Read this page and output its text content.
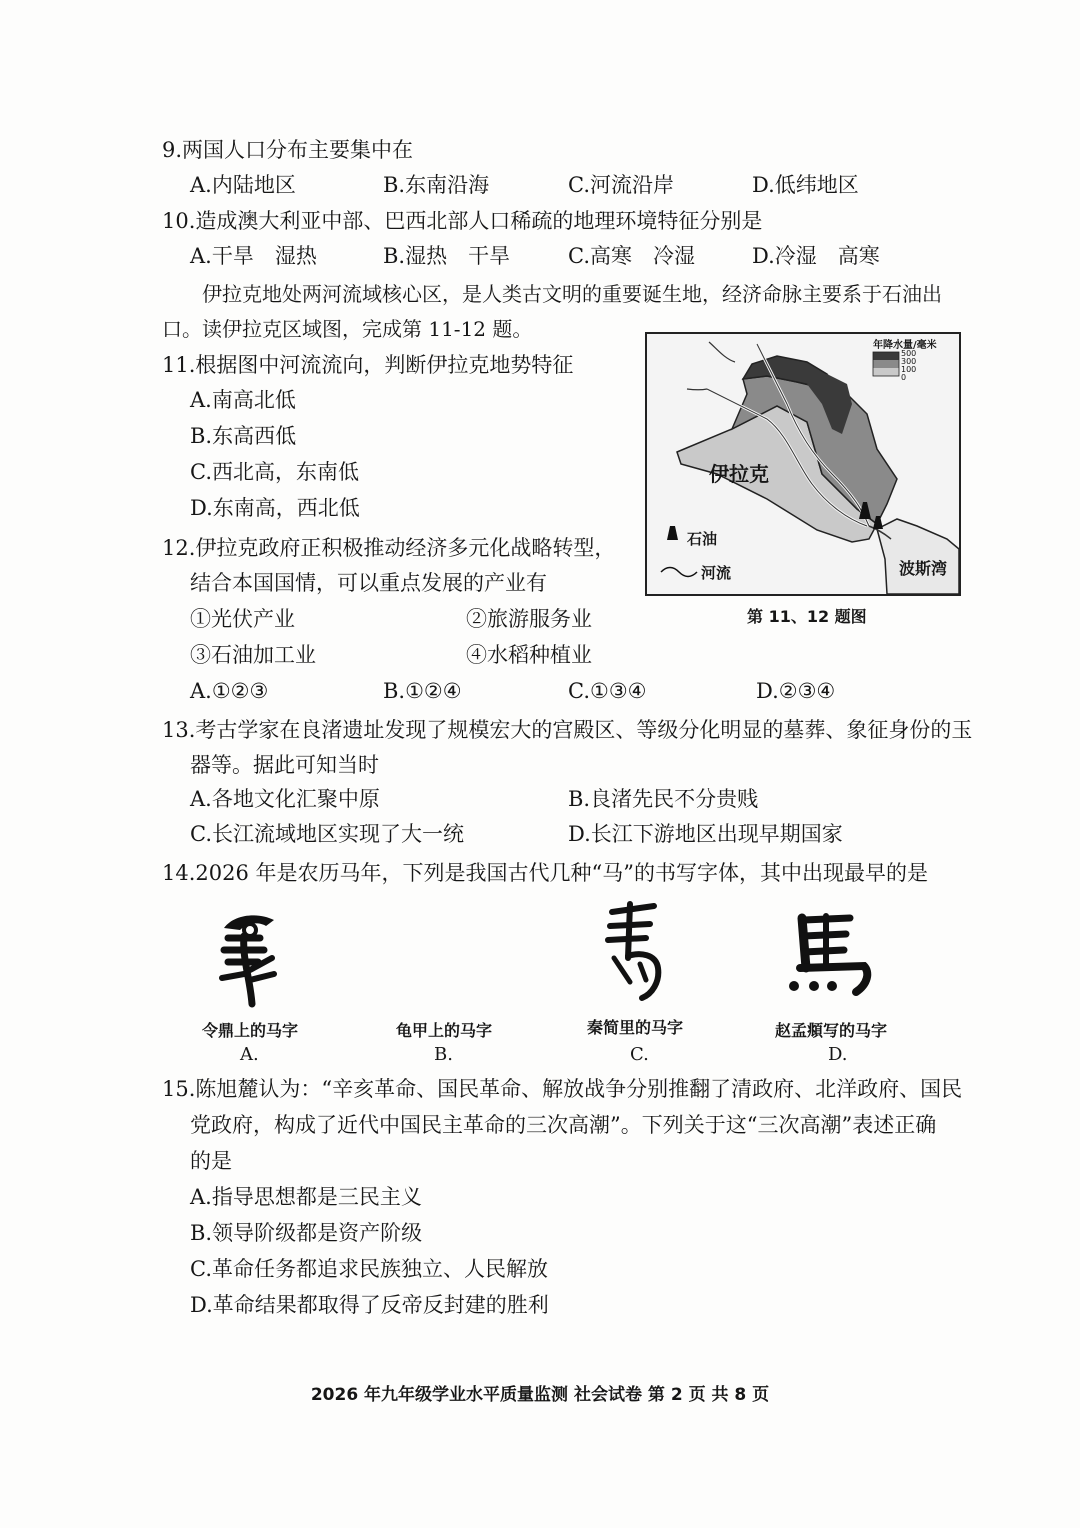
9.两国人口分布主要集中在
A.内陆地区	B.东南沿海	C.河流沿岸	D.低纬地区
10.造成澳大利亚中部、巴西北部人口稀疏的地理环境特征分别是
A.干旱　湿热	B.湿热　干旱	C.高寒　冷湿	D.冷湿　高寒
伊拉克地处两河流域核心区，是人类古文明的重要诞生地，经济命脉主要系于石油出
口。读伊拉克区域图，完成第 11-12 题。
11.根据图中河流流向，判断伊拉克地势特征
A.南高北低
B.东高西低
C.西北高，东南低
D.东南高，西北低
年降水量/毫米
500
300
100
0
伊拉克
波斯湾
石油
河流
第 11、12 题图
12.伊拉克政府正积极推动经济多元化战略转型，
结合本国国情，可以重点发展的产业有
①光伏产业	②旅游服务业
③石油加工业	④水稻种植业
A.①②③	B.①②④	C.①③④	D.②③④
13.考古学家在良渚遗址发现了规模宏大的宫殿区、等级分化明显的墓葬、象征身份的玉
器等。据此可知当时
A.各地文化汇聚中原	B.良渚先民不分贵贱
C.长江流域地区实现了大一统	D.长江下游地区出现早期国家
14.2026 年是农历马年，下列是我国古代几种“马”的书写字体，其中出现最早的是
令鼎上的马字	龟甲上的马字	秦简里的马字	赵孟頫写的马字
A.	B.	C.	D.
15.陈旭麓认为：“辛亥革命、国民革命、解放战争分别推翻了清政府、北洋政府、国民
党政府，构成了近代中国民主革命的三次高潮”。下列关于这“三次高潮”表述正确
的是
A.指导思想都是三民主义
B.领导阶级都是资产阶级
C.革命任务都追求民族独立、人民解放
D.革命结果都取得了反帝反封建的胜利
2026 年九年级学业水平质量监测 社会试卷 第 2 页 共 8 页
